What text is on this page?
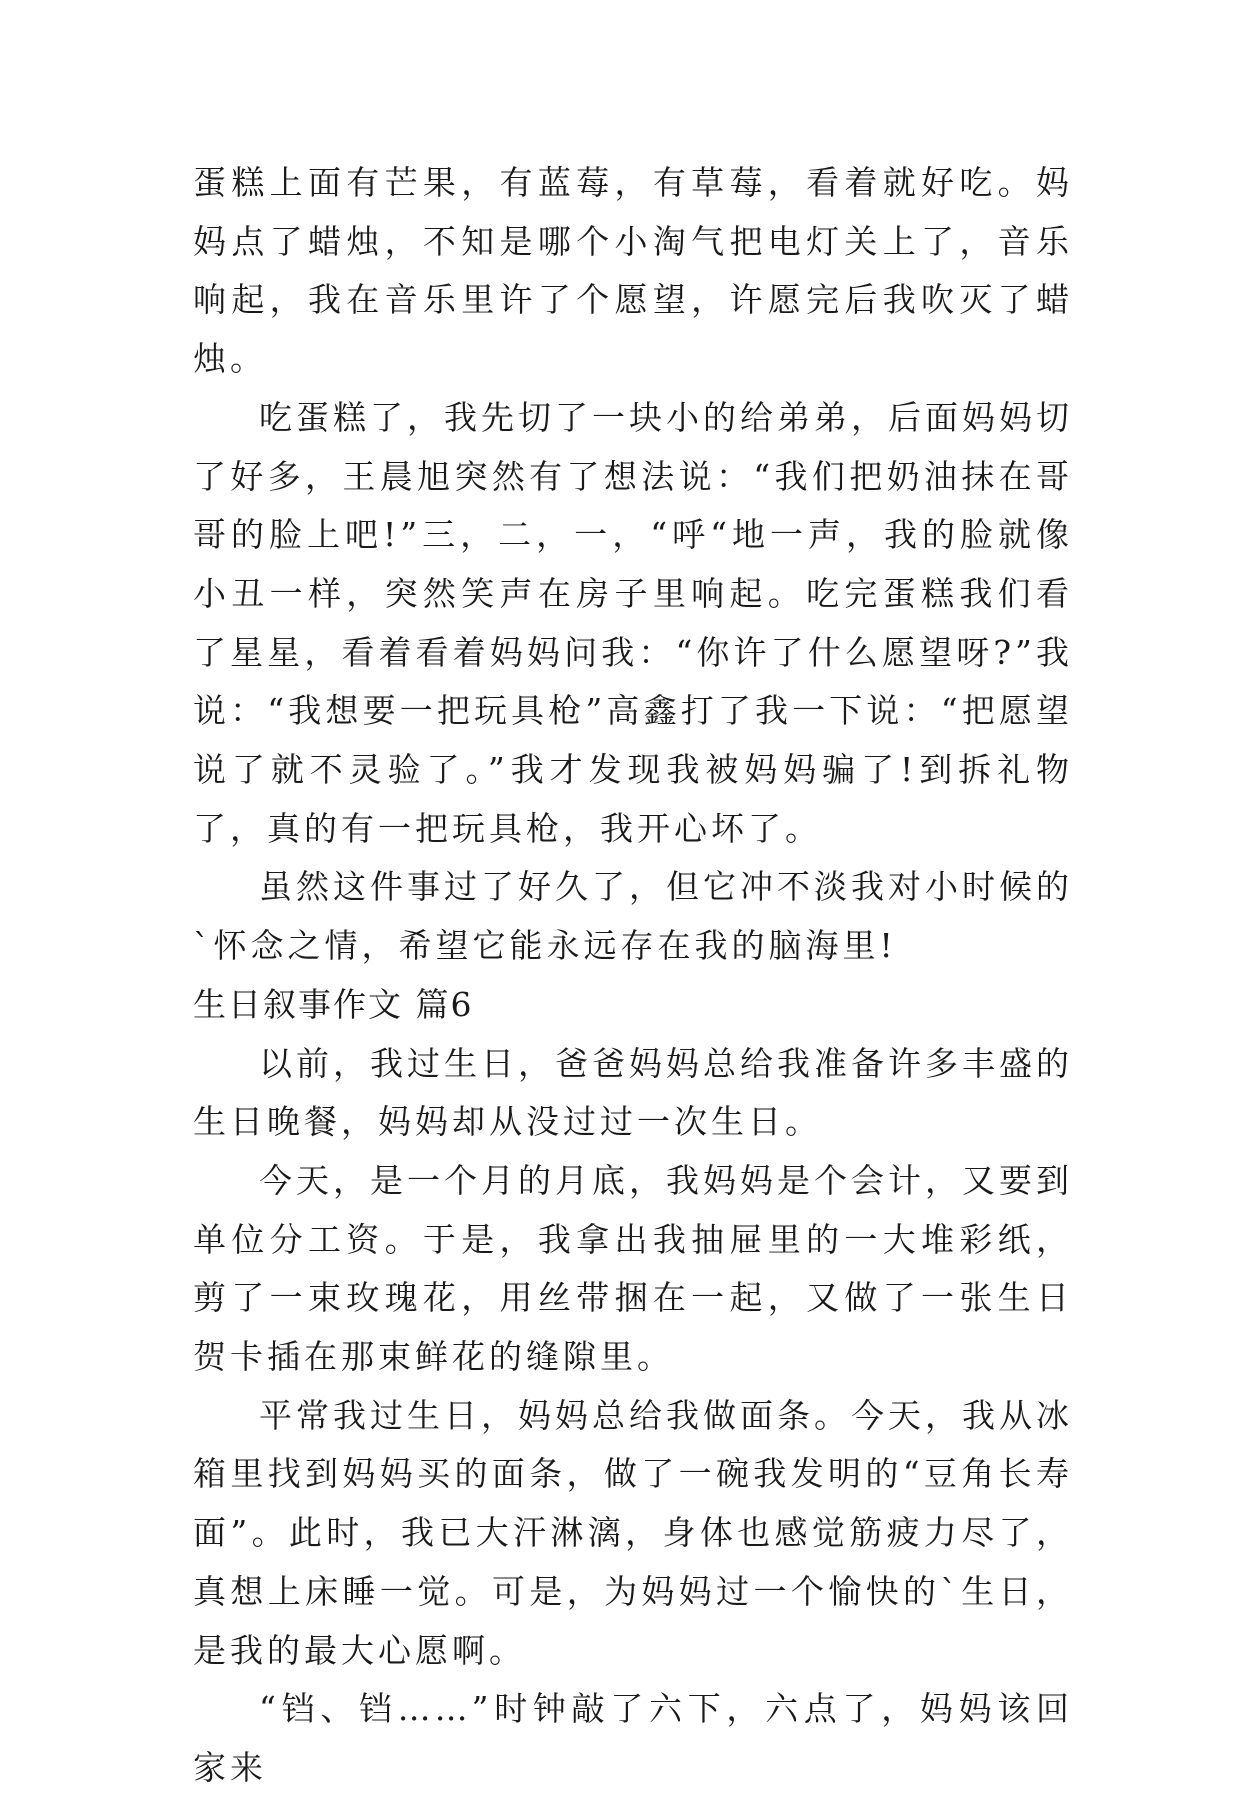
蛋糕上面有芒果，有蓝莓，有草莓，看着就好吃。妈妈点了蜡烛，不知是哪个小淘气把电灯关上了，音乐响起，我在音乐里许了个愿望，许愿完后我吹灭了蜡烛。

吃蛋糕了，我先切了一块小的给弟弟，后面妈妈切了好多，王晨旭突然有了想法说：“我们把奶油抹在哥哥的脸上吧!”三，二，一，“呼“地一声，我的脸就像小丑一样，突然笑声在房子里响起。吃完蛋糕我们看了星星，看着看着妈妈问我：“你许了什么愿望呀?”我说：“我想要一把玩具枪”高鑫打了我一下说：“把愿望说了就不灵验了。”我才发现我被妈妈骗了!到拆礼物了，真的有一把玩具枪，我开心坏了。

虽然这件事过了好久了，但它冲不淡我对小时候的`怀念之情，希望它能永远存在我的脑海里!

生日叙事作文 篇6

以前，我过生日，爸爸妈妈总给我准备许多丰盛的生日晚餐，妈妈却从没过过一次生日。

今天，是一个月的月底，我妈妈是个会计，又要到单位分工资。于是，我拿出我抽屉里的一大堆彩纸，剪了一束玫瑰花，用丝带捆在一起，又做了一张生日贺卡插在那束鲜花的缝隙里。

平常我过生日，妈妈总给我做面条。今天，我从冰箱里找到妈妈买的面条，做了一碗我发明的“豆角长寿面”。此时，我已大汗淋漓，身体也感觉筋疲力尽了，真想上床睡一觉。可是，为妈妈过一个愉快的`生日，是我的最大心愿啊。

“铛、铛……”时钟敲了六下，六点了，妈妈该回家来
